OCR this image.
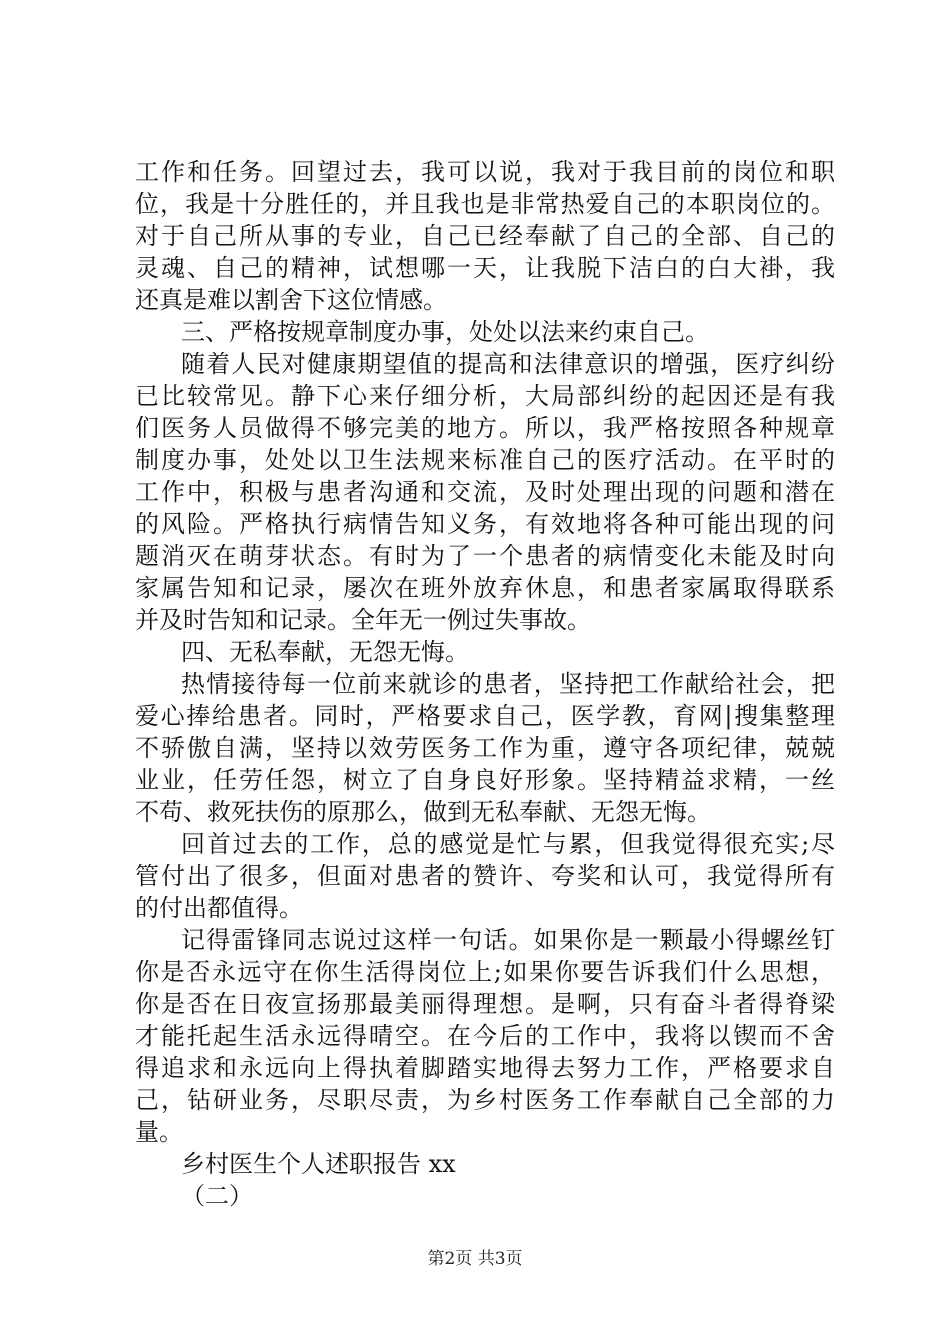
工作和任务。回望过去，我可以说，我对于我目前的岗位和职
位，我是十分胜任的，并且我也是非常热爱自己的本职岗位的。
对于自己所从事的专业，自己已经奉献了自己的全部、自己的
灵魂、自己的精神，试想哪一天，让我脱下洁白的白大褂，我
还真是难以割舍下这位情感。
三、严格按规章制度办事，处处以法来约束自己。
随着人民对健康期望值的提高和法律意识的增强，医疗纠纷
已比较常见。静下心来仔细分析，大局部纠纷的起因还是有我
们医务人员做得不够完美的地方。所以，我严格按照各种规章
制度办事，处处以卫生法规来标准自己的医疗活动。在平时的
工作中，积极与患者沟通和交流，及时处理出现的问题和潜在
的风险。严格执行病情告知义务，有效地将各种可能出现的问
题消灭在萌芽状态。有时为了一个患者的病情变化未能及时向
家属告知和记录，屡次在班外放弃休息，和患者家属取得联系
并及时告知和记录。全年无一例过失事故。
四、无私奉献，无怨无悔。
热情接待每一位前来就诊的患者，坚持把工作献给社会，把
爱心捧给患者。同时，严格要求自己，医学教，育网|搜集整理
不骄傲自满，坚持以效劳医务工作为重，遵守各项纪律，兢兢
业业，任劳任怨，树立了自身良好形象。坚持精益求精，一丝
不苟、救死扶伤的原那么，做到无私奉献、无怨无悔。
回首过去的工作，总的感觉是忙与累，但我觉得很充实;尽
管付出了很多，但面对患者的赞许、夸奖和认可，我觉得所有
的付出都值得。
记得雷锋同志说过这样一句话。如果你是一颗最小得螺丝钉
你是否永远守在你生活得岗位上;如果你要告诉我们什么思想，
你是否在日夜宣扬那最美丽得理想。是啊，只有奋斗者得脊梁
才能托起生活永远得晴空。在今后的工作中，我将以锲而不舍
得追求和永远向上得执着脚踏实地得去努力工作，严格要求自
己，钻研业务，尽职尽责，为乡村医务工作奉献自己全部的力
量。
乡村医生个人述职报告 xx
（二）
第2页 共3页
